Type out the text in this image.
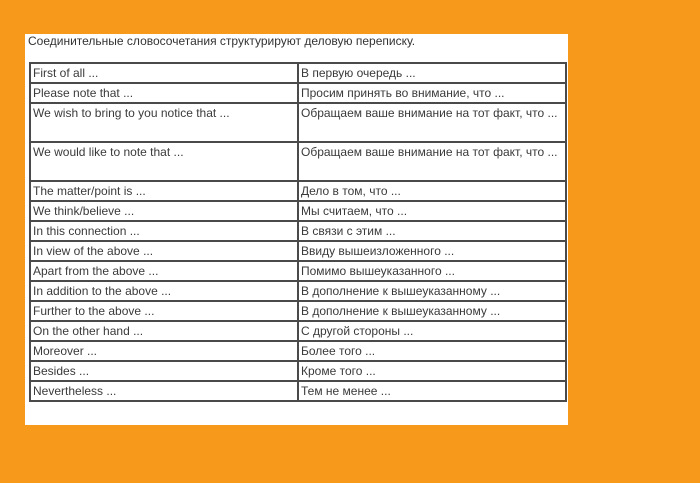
Соединительные словосочетания структурируют деловую переписку.
First of all ...	В первую очередь ...
Please note that ...	Просим принять во внимание, что ...
We wish to bring to you notice that ...	Обращаем ваше внимание на тот факт, что ...
We would like to note that ...	Обращаем ваше внимание на тот факт, что ...
The matter/point is ...	Дело в том, что ...
We think/believe ...	Мы считаем, что ...
In this connection ...	В связи с этим ...
In view of the above ...	Ввиду вышеизложенного ...
Apart from the above ...	Помимо вышеуказанного ...
In addition to the above ...	В дополнение к вышеуказанному ...
Further to the above ...	В дополнение к вышеуказанному ...
On the other hand ...	С другой стороны ...
Moreover ...	Более того ...
Besides ...	Кроме того ...
Nevertheless ...	Тем не менее ...
